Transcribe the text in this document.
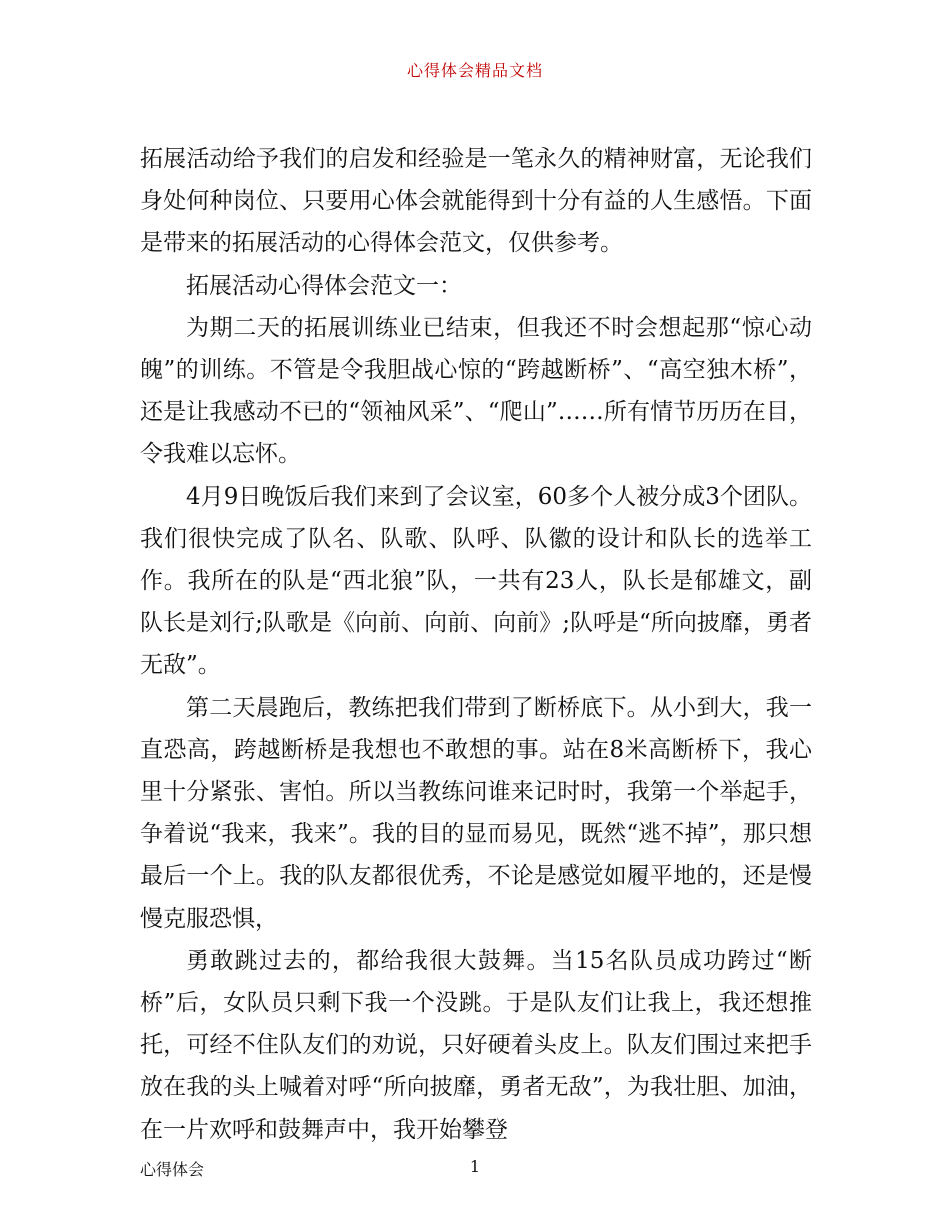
心得体会精品文档

拓展活动给予我们的启发和经验是一笔永久的精神财富，无论我们身处何种岗位、只要用心体会就能得到十分有益的人生感悟。下面是带来的拓展活动的心得体会范文，仅供参考。

拓展活动心得体会范文一：

为期二天的拓展训练业已结束，但我还不时会想起那“惊心动魄”的训练。不管是令我胆战心惊的“跨越断桥”、“高空独木桥”，还是让我感动不已的“领袖风采”、“爬山”……所有情节历历在目，令我难以忘怀。

4月9日晚饭后我们来到了会议室，60多个人被分成3个团队。我们很快完成了队名、队歌、队呼、队徽的设计和队长的选举工作。我所在的队是“西北狼”队，一共有23人，队长是郁雄文，副队长是刘行;队歌是《向前、向前、向前》;队呼是“所向披靡，勇者无敌”。

第二天晨跑后，教练把我们带到了断桥底下。从小到大，我一直恐高，跨越断桥是我想也不敢想的事。站在8米高断桥下，我心里十分紧张、害怕。所以当教练问谁来记时时，我第一个举起手，争着说“我来，我来”。我的目的显而易见，既然“逃不掉”，那只想最后一个上。我的队友都很优秀，不论是感觉如履平地的，还是慢慢克服恐惧，

勇敢跳过去的，都给我很大鼓舞。当15名队员成功跨过“断桥”后，女队员只剩下我一个没跳。于是队友们让我上，我还想推托，可经不住队友们的劝说，只好硬着头皮上。队友们围过来把手放在我的头上喊着对呼“所向披靡，勇者无敌”，为我壮胆、加油，在一片欢呼和鼓舞声中，我开始攀登

心得体会	1
